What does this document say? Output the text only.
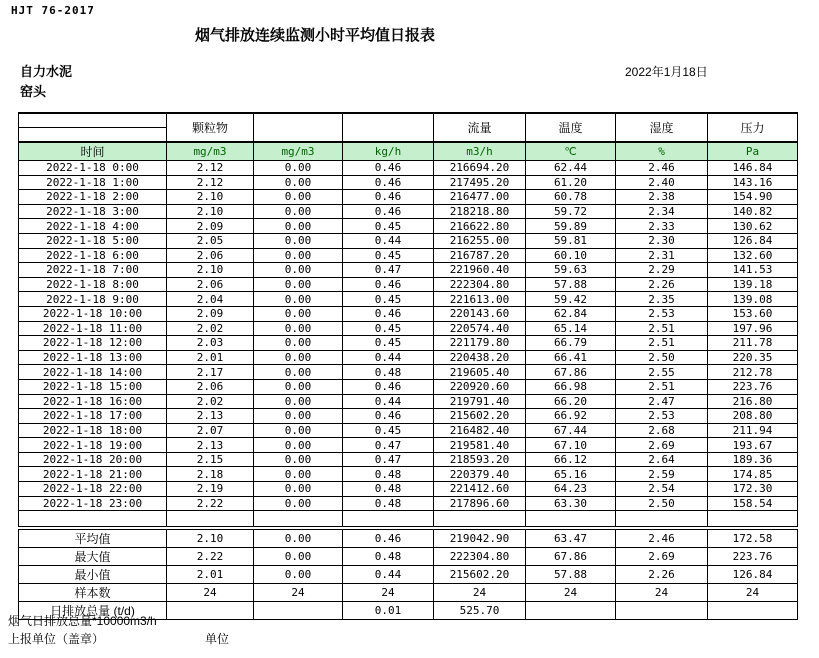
HJT 76-2017
烟气排放连续监测小时平均值日报表
自力水泥
窑头
2022年1月18日
	颗粒物			流量	温度	湿度	压力
时间	mg/m3	mg/m3	kg/h	m3/h	℃	%	Pa
2022-1-18 0:00	2.12	0.00	0.46	216694.20	62.44	2.46	146.84
2022-1-18 1:00	2.12	0.00	0.46	217495.20	61.20	2.40	143.16
2022-1-18 2:00	2.10	0.00	0.46	216477.00	60.78	2.38	154.90
2022-1-18 3:00	2.10	0.00	0.46	218218.80	59.72	2.34	140.82
2022-1-18 4:00	2.09	0.00	0.45	216622.80	59.89	2.33	130.62
2022-1-18 5:00	2.05	0.00	0.44	216255.00	59.81	2.30	126.84
2022-1-18 6:00	2.06	0.00	0.45	216787.20	60.10	2.31	132.60
2022-1-18 7:00	2.10	0.00	0.47	221960.40	59.63	2.29	141.53
2022-1-18 8:00	2.06	0.00	0.46	222304.80	57.88	2.26	139.18
2022-1-18 9:00	2.04	0.00	0.45	221613.00	59.42	2.35	139.08
2022-1-18 10:00	2.09	0.00	0.46	220143.60	62.84	2.53	153.60
2022-1-18 11:00	2.02	0.00	0.45	220574.40	65.14	2.51	197.96
2022-1-18 12:00	2.03	0.00	0.45	221179.80	66.79	2.51	211.78
2022-1-18 13:00	2.01	0.00	0.44	220438.20	66.41	2.50	220.35
2022-1-18 14:00	2.17	0.00	0.48	219605.40	67.86	2.55	212.78
2022-1-18 15:00	2.06	0.00	0.46	220920.60	66.98	2.51	223.76
2022-1-18 16:00	2.02	0.00	0.44	219791.40	66.20	2.47	216.80
2022-1-18 17:00	2.13	0.00	0.46	215602.20	66.92	2.53	208.80
2022-1-18 18:00	2.07	0.00	0.45	216482.40	67.44	2.68	211.94
2022-1-18 19:00	2.13	0.00	0.47	219581.40	67.10	2.69	193.67
2022-1-18 20:00	2.15	0.00	0.47	218593.20	66.12	2.64	189.36
2022-1-18 21:00	2.18	0.00	0.48	220379.40	65.16	2.59	174.85
2022-1-18 22:00	2.19	0.00	0.48	221412.60	64.23	2.54	172.30
2022-1-18 23:00	2.22	0.00	0.48	217896.60	63.30	2.50	158.54

平均值	2.10	0.00	0.46	219042.90	63.47	2.46	172.58
最大值	2.22	0.00	0.48	222304.80	67.86	2.69	223.76
最小值	2.01	0.00	0.44	215602.20	57.88	2.26	126.84
样本数	24	24	24	24	24	24	24
日排放总量 (t/d)			0.01	525.70			
烟气日排放总量*10000m3/h
上报单位（盖章）	单位
